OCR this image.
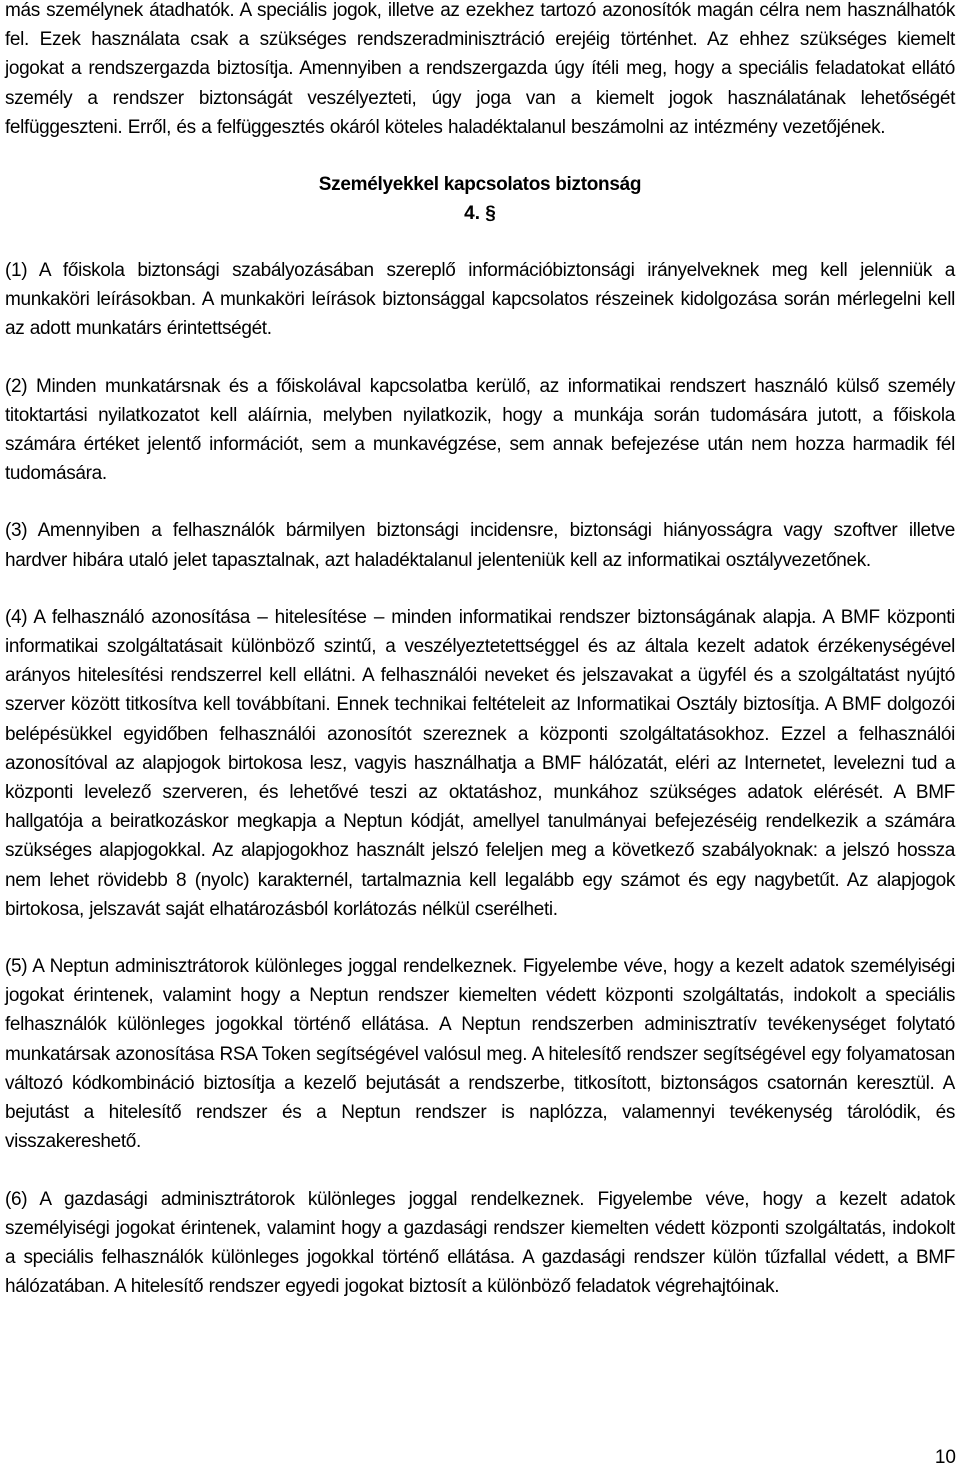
más személynek átadhatók. A speciális jogok, illetve az ezekhez tartozó azonosítók magán célra nem használhatók fel. Ezek használata csak a szükséges rendszeradminisztráció erejéig történhet. Az ehhez szükséges kiemelt jogokat a rendszergazda biztosítja. Amennyiben a rendszergazda úgy ítéli meg, hogy a speciális feladatokat ellátó személy a rendszer biztonságát veszélyezteti, úgy joga van a kiemelt jogok használatának lehetőségét felfüggeszteni. Erről, és a felfüggesztés okáról köteles haladéktalanul beszámolni az intézmény vezetőjének.

Személyekkel kapcsolatos biztonság

4. §

(1) A főiskola biztonsági szabályozásában szereplő információbiztonsági irányelveknek meg kell jelenniük a munkaköri leírásokban. A munkaköri leírások biztonsággal kapcsolatos részeinek kidolgozása során mérlegelni kell az adott munkatárs érintettségét.

(2) Minden munkatársnak és a főiskolával kapcsolatba kerülő, az informatikai rendszert használó külső személy titoktartási nyilatkozatot kell aláírnia, melyben nyilatkozik, hogy a munkája során tudomására jutott, a főiskola számára értéket jelentő információt, sem a munkavégzése, sem annak befejezése után nem hozza harmadik fél tudomására.

(3) Amennyiben a felhasználók bármilyen biztonsági incidensre, biztonsági hiányosságra vagy szoftver illetve hardver hibára utaló jelet tapasztalnak, azt haladéktalanul jelenteniük kell az informatikai osztályvezetőnek.

(4) A felhasználó azonosítása – hitelesítése – minden informatikai rendszer biztonságának alapja. A BMF központi informatikai szolgáltatásait különböző szintű, a veszélyeztetettséggel és az általa kezelt adatok érzékenységével arányos hitelesítési rendszerrel kell ellátni. A felhasználói neveket és jelszavakat a ügyfél és a szolgáltatást nyújtó szerver között titkosítva kell továbbítani. Ennek technikai feltételeit az Informatikai Osztály biztosítja. A BMF dolgozói belépésükkel egyidőben felhasználói azonosítót szereznek a központi szolgáltatásokhoz. Ezzel a felhasználói azonosítóval az alapjogok birtokosa lesz, vagyis használhatja a BMF hálózatát, eléri az Internetet, levelezni tud a központi levelező szerveren, és lehetővé teszi az oktatáshoz, munkához szükséges adatok elérését. A BMF hallgatója a beiratkozáskor megkapja a Neptun kódját, amellyel tanulmányai befejezéséig rendelkezik a számára szükséges alapjogokkal. Az alapjogokhoz használt jelszó feleljen meg a következő szabályoknak: a jelszó hossza nem lehet rövidebb 8 (nyolc) karakternél, tartalmaznia kell legalább egy számot és egy nagybetűt. Az alapjogok birtokosa, jelszavát saját elhatározásból korlátozás nélkül cserélheti.

(5) A Neptun adminisztrátorok különleges joggal rendelkeznek. Figyelembe véve, hogy a kezelt adatok személyiségi jogokat érintenek, valamint hogy a Neptun rendszer kiemelten védett központi szolgáltatás, indokolt a speciális felhasználók különleges jogokkal történő ellátása. A Neptun rendszerben adminisztratív tevékenységet folytató munkatársak azonosítása RSA Token segítségével valósul meg. A hitelesítő rendszer segítségével egy folyamatosan változó kódkombináció biztosítja a kezelő bejutását a rendszerbe, titkosított, biztonságos csatornán keresztül. A bejutást a hitelesítő rendszer és a Neptun rendszer is naplózza, valamennyi tevékenység tárolódik, és visszakereshető.

(6) A gazdasági adminisztrátorok különleges joggal rendelkeznek. Figyelembe véve, hogy a kezelt adatok személyiségi jogokat érintenek, valamint hogy a gazdasági rendszer kiemelten védett központi szolgáltatás, indokolt a speciális felhasználók különleges jogokkal történő ellátása. A gazdasági rendszer külön tűzfallal védett, a BMF hálózatában. A hitelesítő rendszer egyedi jogokat biztosít a különböző feladatok végrehajtóinak.

10
